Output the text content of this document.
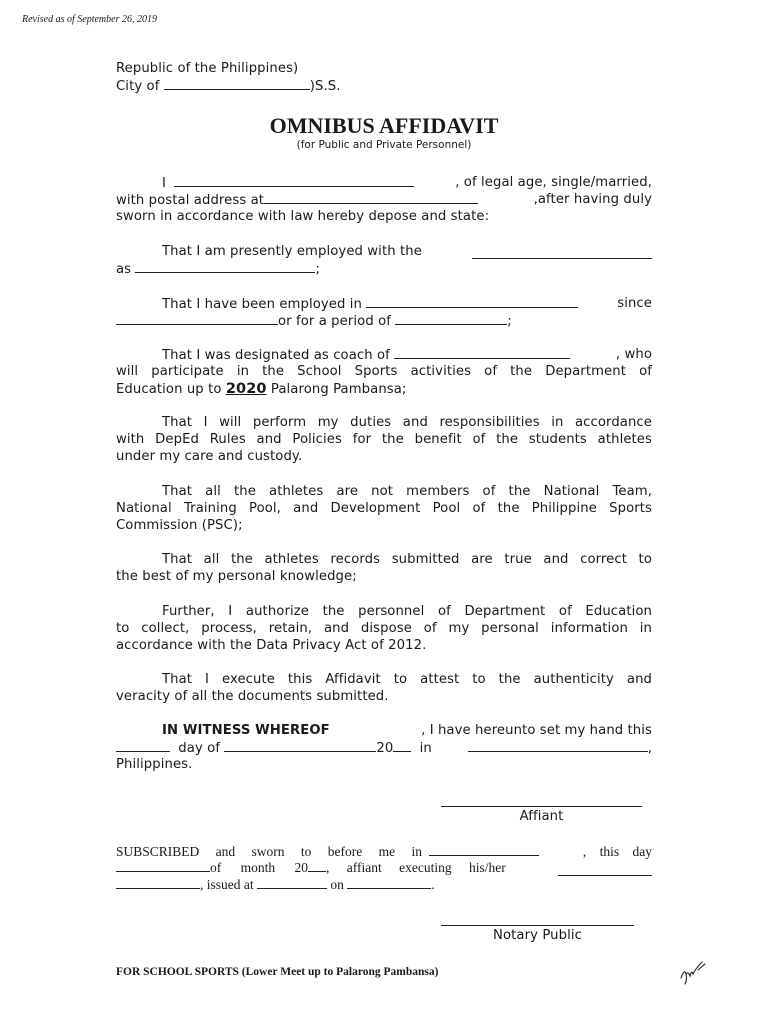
Revised as of September 26, 2019
Republic of the Philippines)
City of	)S.S.
OMNIBUS AFFIDAVIT
(for Public and Private Personnel)
I	, of legal age, single/married,
with postal address at	,after having duly
sworn in accordance with law hereby depose and state:
That I am presently employed with the
as	;
That I have been employed in	since
or for a period of	;
That I was designated as coach of	, who
will participate in the School Sports activities of the Department of
Education up to 2020 Palarong Pambansa;
That I will perform my duties and responsibilities in accordance
with DepEd Rules and Policies for the benefit of the students athletes
under my care and custody.
That all the athletes are not members of the National Team,
National Training Pool, and Development Pool of the Philippine Sports
Commission (PSC);
That all the athletes records submitted are true and correct to
the best of my personal knowledge;
Further, I authorize the personnel of Department of Education
to collect, process, retain, and dispose of my personal information in
accordance with the Data Privacy Act of 2012.
That I execute this Affidavit to attest to the authenticity and
veracity of all the documents submitted.
IN WITNESS WHEREOF	, I have hereunto set my hand this
day of	20 in	,
Philippines.
Affiant
SUBSCRIBED and sworn to before me in	, this day
of month 20 , affiant executing his/her
, issued at	on	.
Notary Public
FOR SCHOOL SPORTS (Lower Meet up to Palarong Pambansa)
